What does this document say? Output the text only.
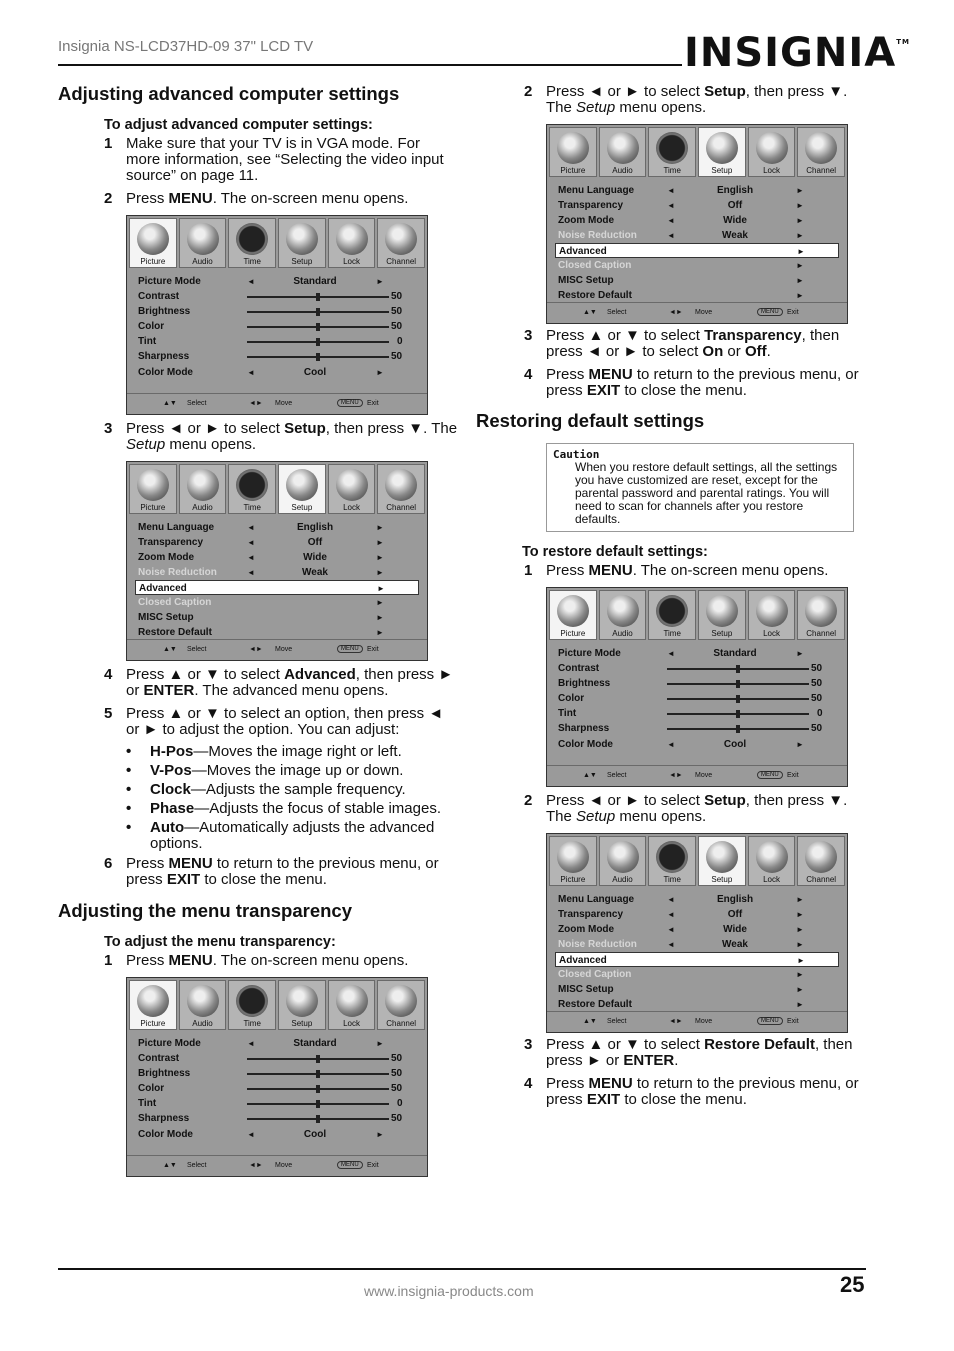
Insignia NS-LCD37HD-09 37" LCD TV	INSIGNIA™
Adjusting advanced computer settings
To adjust advanced computer settings:
1 Make sure that your TV is in VGA mode. For more information, see “Selecting the video input source” on page 11.
2 Press MENU. The on-screen menu opens.
Picture	Audio	Time	Setup	Lock	Channel
Picture Mode	◄	Standard	►
Contrast	50
Brightness	50
Color	50
Tint	0
Sharpness	50
Color Mode	◄	Cool	►
▲▼ Select	◄► Move	MENU	Exit
3 Press ◄ or ► to select Setup, then press ▼. The Setup menu opens.
Picture	Audio	Time	Setup	Lock	Channel
Menu Language	◄	English	►
Transparency	◄	Off	►
Zoom Mode	◄	Wide	►
Noise Reduction	◄	Weak	►
Advanced	►
Closed Caption	►
MISC Setup	►
Restore Default	►
▲▼ Select	◄► Move	MENU	Exit
4 Press ▲ or ▼ to select Advanced, then press ► or ENTER. The advanced menu opens.
5 Press ▲ or ▼ to select an option, then press ◄ or ► to adjust the option. You can adjust:
• H-Pos—Moves the image right or left.
• V-Pos—Moves the image up or down.
• Clock—Adjusts the sample frequency.
• Phase—Adjusts the focus of stable images.
• Auto—Automatically adjusts the advanced options.
6 Press MENU to return to the previous menu, or press EXIT to close the menu.
Adjusting the menu transparency
To adjust the menu transparency:
1 Press MENU. The on-screen menu opens.
Picture	Audio	Time	Setup	Lock	Channel
Picture Mode	◄	Standard	►
Contrast	50
Brightness	50
Color	50
Tint	0
Sharpness	50
Color Mode	◄	Cool	►
▲▼ Select	◄► Move	MENU	Exit
2 Press ◄ or ► to select Setup, then press ▼. The Setup menu opens.
Picture	Audio	Time	Setup	Lock	Channel
Menu Language	◄	English	►
Transparency	◄	Off	►
Zoom Mode	◄	Wide	►
Noise Reduction	◄	Weak	►
Advanced	►
Closed Caption	►
MISC Setup	►
Restore Default	►
▲▼ Select	◄► Move	MENU	Exit
3 Press ▲ or ▼ to select Transparency, then press ◄ or ► to select On or Off.
4 Press MENU to return to the previous menu, or press EXIT to close the menu.
Restoring default settings
Caution
When you restore default settings, all the settings you have customized are reset, except for the parental password and parental ratings. You will need to scan for channels after you restore defaults.
To restore default settings:
1 Press MENU. The on-screen menu opens.
Picture	Audio	Time	Setup	Lock	Channel
Picture Mode	◄	Standard	►
Contrast	50
Brightness	50
Color	50
Tint	0
Sharpness	50
Color Mode	◄	Cool	►
▲▼ Select	◄► Move	MENU	Exit
2 Press ◄ or ► to select Setup, then press ▼. The Setup menu opens.
Picture	Audio	Time	Setup	Lock	Channel
Menu Language	◄	English	►
Transparency	◄	Off	►
Zoom Mode	◄	Wide	►
Noise Reduction	◄	Weak	►
Advanced	►
Closed Caption	►
MISC Setup	►
Restore Default	►
▲▼ Select	◄► Move	MENU	Exit
3 Press ▲ or ▼ to select Restore Default, then press ► or ENTER.
4 Press MENU to return to the previous menu, or press EXIT to close the menu.
www.insignia-products.com	25
